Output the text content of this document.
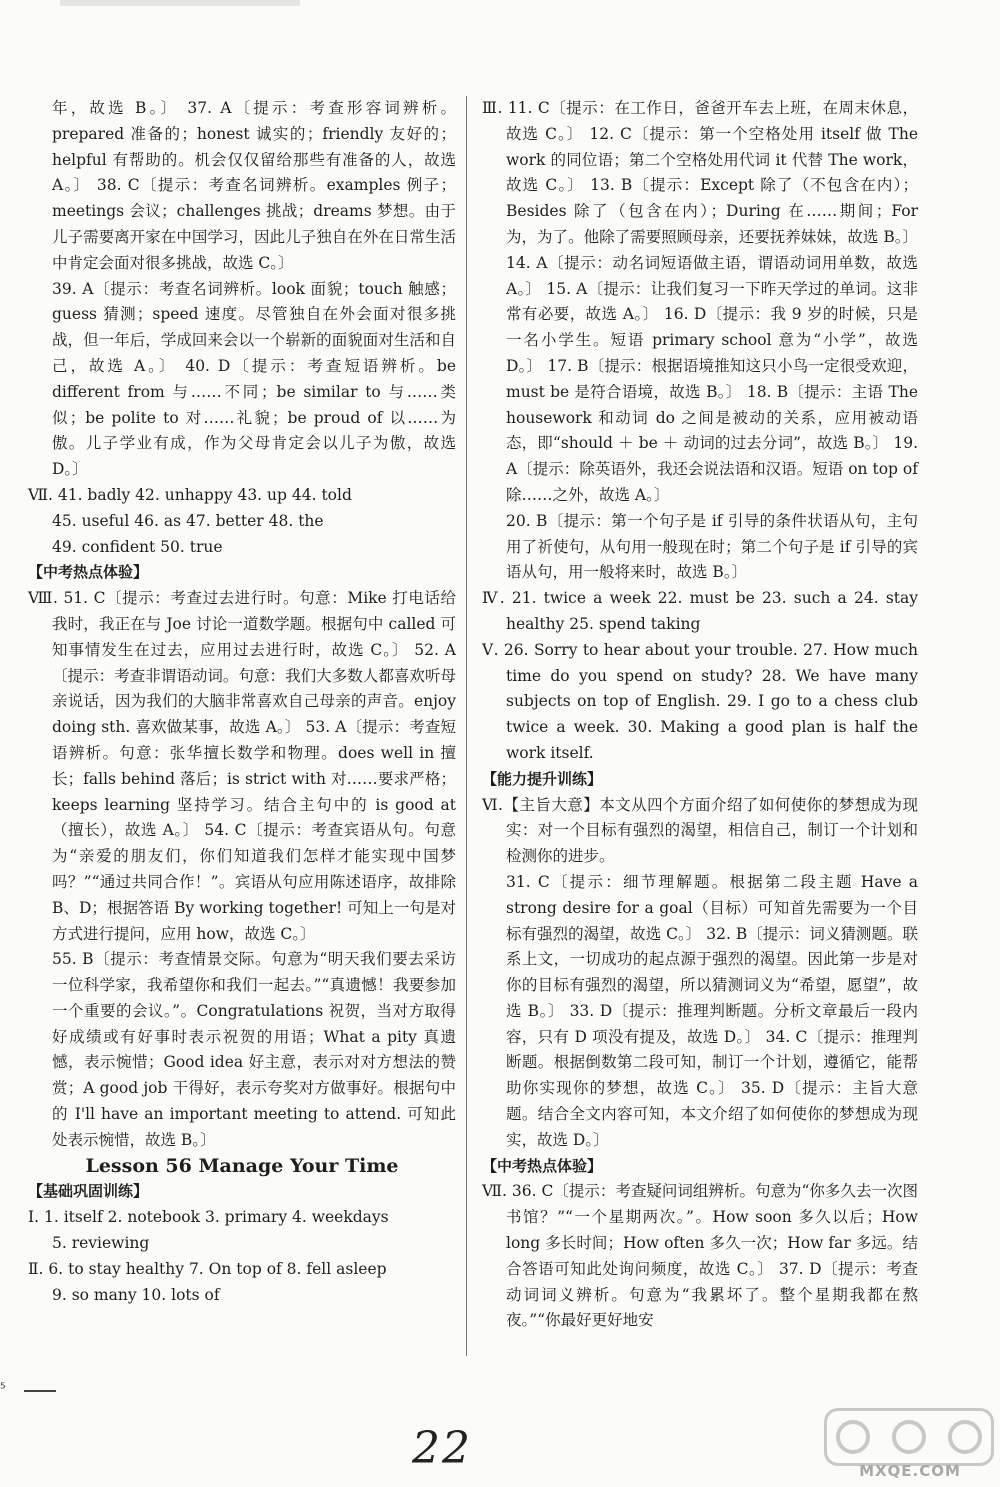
年，故选 B。〕 37. A〔提示：考查形容词辨析。prepared 准备的；honest 诚实的；friendly 友好的；helpful 有帮助的。机会仅仅留给那些有准备的人，故选 A。〕 38. C〔提示：考查名词辨析。examples 例子；meetings 会议；challenges 挑战；dreams 梦想。由于儿子需要离开家在中国学习，因此儿子独自在外在日常生活中肯定会面对很多挑战，故选 C。〕

39. A〔提示：考查名词辨析。look 面貌；touch 触感；guess 猜测；speed 速度。尽管独自在外会面对很多挑战，但一年后，学成回来会以一个崭新的面貌面对生活和自己，故选 A。〕 40. D〔提示：考查短语辨析。be different from 与……不同；be similar to 与……类似；be polite to 对……礼貌；be proud of 以……为傲。儿子学业有成，作为父母肯定会以儿子为傲，故选 D。〕

Ⅶ. 41. badly 42. unhappy 43. up 44. told

45. useful 46. as 47. better 48. the

49. confident 50. true

【中考热点体验】

Ⅷ. 51. C〔提示：考查过去进行时。句意：Mike 打电话给我时，我正在与 Joe 讨论一道数学题。根据句中 called 可知事情发生在过去，应用过去进行时，故选 C。〕 52. A〔提示：考查非谓语动词。句意：我们大多数人都喜欢听母亲说话，因为我们的大脑非常喜欢自己母亲的声音。enjoy doing sth. 喜欢做某事，故选 A。〕 53. A〔提示：考查短语辨析。句意：张华擅长数学和物理。does well in 擅长；falls behind 落后；is strict with 对……要求严格；keeps learning 坚持学习。结合主句中的 is good at（擅长），故选 A。〕 54. C〔提示：考查宾语从句。句意为“亲爱的朋友们，你们知道我们怎样才能实现中国梦吗？”“通过共同合作！”。宾语从句应用陈述语序，故排除 B、D；根据答语 By working together! 可知上一句是对方式进行提问，应用 how，故选 C。〕

55. B〔提示：考查情景交际。句意为“明天我们要去采访一位科学家，我希望你和我们一起去。”“真遗憾！我要参加一个重要的会议。”。Congratulations 祝贺，当对方取得好成绩或有好事时表示祝贺的用语；What a pity 真遗憾，表示惋惜；Good idea 好主意，表示对对方想法的赞赏；A good job 干得好，表示夸奖对方做事好。根据句中的 I'll have an important meeting to attend. 可知此处表示惋惜，故选 B。〕

Lesson 56 Manage Your Time

【基础巩固训练】

Ⅰ. 1. itself 2. notebook 3. primary 4. weekdays

5. reviewing

Ⅱ. 6. to stay healthy 7. On top of 8. fell asleep

9. so many 10. lots of

Ⅲ. 11. C〔提示：在工作日，爸爸开车去上班，在周末休息，故选 C。〕 12. C〔提示：第一个空格处用 itself 做 The work 的同位语；第二个空格处用代词 it 代替 The work，故选 C。〕 13. B〔提示：Except 除了（不包含在内）；Besides 除了（包含在内）；During 在……期间；For 为，为了。他除了需要照顾母亲，还要抚养妹妹，故选 B。〕 14. A〔提示：动名词短语做主语，谓语动词用单数，故选 A。〕 15. A〔提示：让我们复习一下昨天学过的单词。这非常有必要，故选 A。〕 16. D〔提示：我 9 岁的时候，只是一名小学生。短语 primary school 意为“小学”，故选 D。〕 17. B〔提示：根据语境推知这只小鸟一定很受欢迎，must be 是符合语境，故选 B。〕 18. B〔提示：主语 The housework 和动词 do 之间是被动的关系，应用被动语态，即“should ＋ be ＋ 动词的过去分词”，故选 B。〕 19. A〔提示：除英语外，我还会说法语和汉语。短语 on top of 除……之外，故选 A。〕

20. B〔提示：第一个句子是 if 引导的条件状语从句，主句用了祈使句，从句用一般现在时；第二个句子是 if 引导的宾语从句，用一般将来时，故选 B。〕

Ⅳ. 21. twice a week 22. must be 23. such a 24. stay healthy 25. spend taking

Ⅴ. 26. Sorry to hear about your trouble. 27. How much time do you spend on study? 28. We have many subjects on top of English. 29. I go to a chess club twice a week. 30. Making a good plan is half the work itself.

【能力提升训练】

Ⅵ.【主旨大意】本文从四个方面介绍了如何使你的梦想成为现实：对一个目标有强烈的渴望，相信自己，制订一个计划和检测你的进步。

31. C〔提示：细节理解题。根据第二段主题 Have a strong desire for a goal（目标）可知首先需要为一个目标有强烈的渴望，故选 C。〕 32. B〔提示：词义猜测题。联系上文，一切成功的起点源于强烈的渴望。因此第一步是对你的目标有强烈的渴望，所以猜测词义为“希望，愿望”，故选 B。〕 33. D〔提示：推理判断题。分析文章最后一段内容，只有 D 项没有提及，故选 D。〕 34. C〔提示：推理判断题。根据倒数第二段可知，制订一个计划，遵循它，能帮助你实现你的梦想，故选 C。〕 35. D〔提示：主旨大意题。结合全文内容可知，本文介绍了如何使你的梦想成为现实，故选 D。〕

【中考热点体验】

Ⅶ. 36. C〔提示：考查疑问词组辨析。句意为“你多久去一次图书馆？”“一个星期两次。”。How soon 多久以后；How long 多长时间；How often 多久一次；How far 多远。结合答语可知此处询问频度，故选 C。〕 37. D〔提示：考查动词词义辨析。句意为“我累坏了。整个星期我都在熬夜。”“你最好更好地安

⁵
22	MXQE.COM
